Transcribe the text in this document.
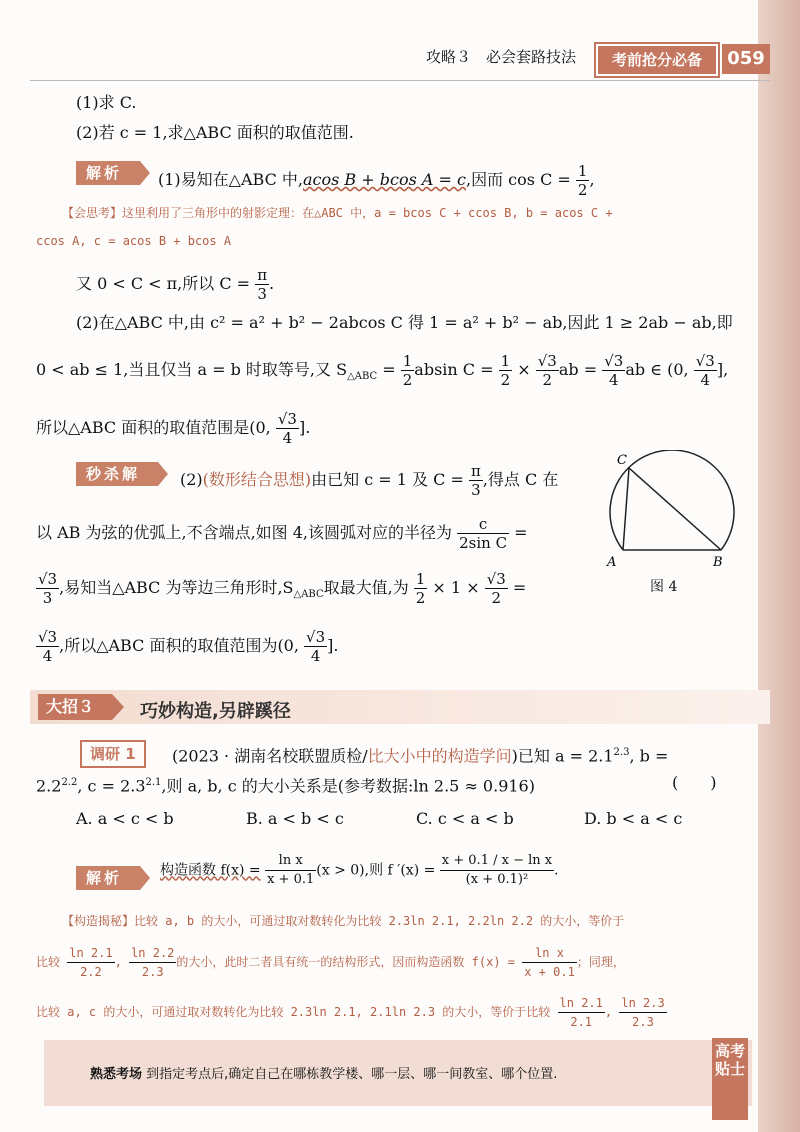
攻略３　必会套路技法	考前抢分必备	059
(1)求 C.
(2)若 c = 1,求△ABC 面积的取值范围.
解析	(1)易知在△ABC 中,acos B + bcos A = c,因而 $\cos C = \frac{1}{2}$ ,
【会思考】这里利用了三角形中的射影定理：在△ABC 中，a = bcos C + ccos B, b = acos C +
ccos A, c = acos B + bcos A
又 0 < C < π,所以 $C = \frac{\pi}{3}$ .
(2)在△ABC 中,由 c² = a² + b² − 2abcos C 得 1 = a² + b² − ab,因此 1 ≥ 2ab − ab,即
0 < ab ≤ 1,当且仅当 a = b 时取等号,又 $S_{\triangle ABC} = \frac{1}{2}$ absin $C = \frac{1}{2} \times \frac{√3}{2}$ ab = $\frac{√3}{4}$ ab ∈ (0, $\frac{√3}{4}$ ],
所以△ABC 面积的取值范围是(0, $\frac{√3}{4}$ ].
秒杀解	(2)(数形结合思想)由已知 c = 1 及 $C = \frac{\pi}{3}$ ,得点 C 在
以 AB 为弦的优弧上,不含端点,如图 4,该圆弧对应的半径为 $\frac{c}{\text{2sin C}}$ =
$\frac{√3}{3}$ ,易知当△ABC 为等边三角形时$,S_{\triangle ABC}$取最大值,为 $\frac{1}{2} \times 1 \times \frac{√3}{2}$ =
$\frac{√3}{4}$ ,所以△ABC 面积的取值范围为(0, $\frac{√3}{4}$ ].
C
A	B
图 4
大招３	巧妙构造,另辟蹊径
调研 1	(2023 · 湖南名校联盟质检/比大小中的构造学问)已知 $a = 2.1^{2.3}$, b =
$2.2^{2.2}$, $c = 2.3^{2.1}$,则 a, b, c 的大小关系是(参考数据:ln 2.5 ≈ 0.916)	(　　)
A. a < c < b	B. a < b < c	C. c < a < b	D. b < a < c
解析	构造函数 $f(x) = \frac{\text{ln x}}{x + 0.1} (x > 0)$,则 f $'(x) = \frac{\text{x + 0.1 / x − ln x}}{\text{(x + 0.1)²}}$ .
【构造揭秘】比较 a, b 的大小，可通过取对数转化为比较 2.3ln 2.1, 2.2ln 2.2 的大小，等价于
比较 $\frac{\ln 2.1}{2.2}$ , $\frac{\ln 2.2}{2.3}$ 的大小，此时二者具有统一的结构形式，因而构造函数 $f(x) = \frac{\text{ln x}}{x + 0.1}$ ；同理，
比较 a, c 的大小，可通过取对数转化为比较 2.3ln 2.1, 2.1ln 2.3 的大小，等价于比较 $\frac{\ln 2.1}{2.1}$ , $\frac{\ln 2.3}{2.3}$
熟悉考场 到指定考点后,确定自己在哪栋教学楼、哪一层、哪一间教室、哪个位置.
高考贴士
